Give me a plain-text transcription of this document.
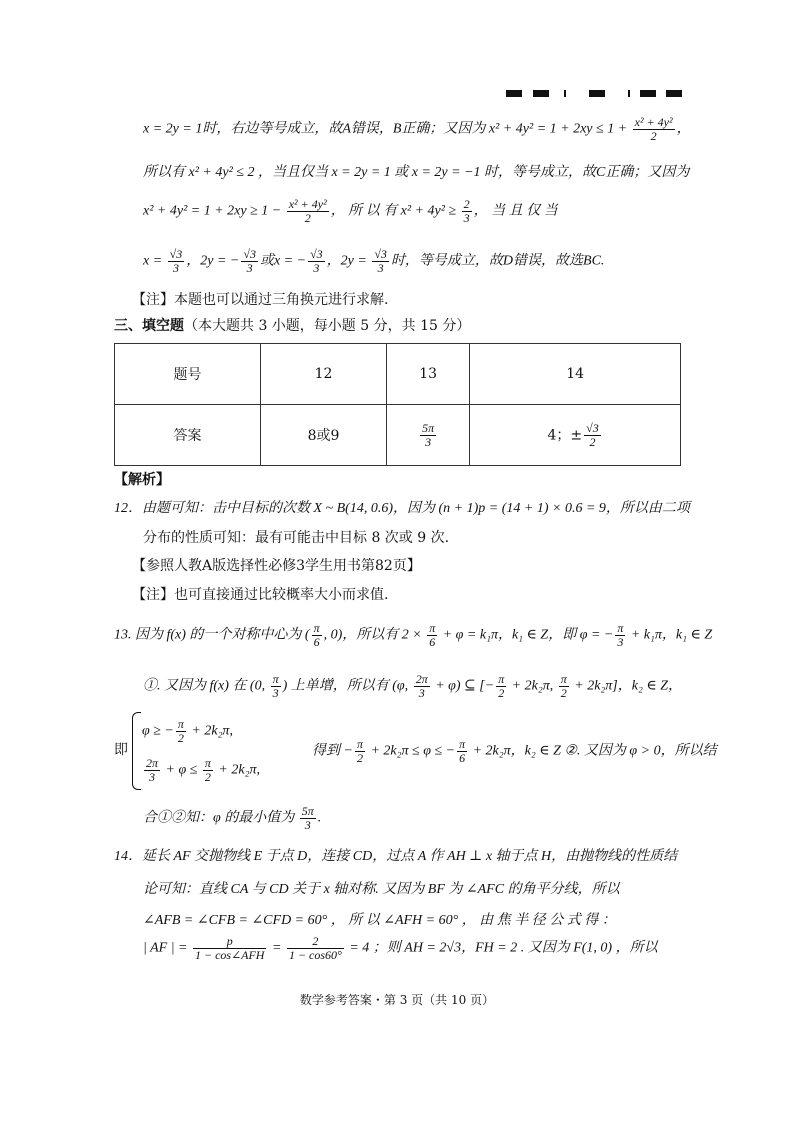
x = 2y = 1时，右边等号成立，故A错误，B正确；又因为 $x^2 + 4y^2 = 1 + 2xy \le 1 + \frac{\text{x² + 4y²}}{2}$ ，
所以有 x² + 4y² ≤ 2 ，当且仅当 x = 2y = 1 或 x = 2y = −1 时，等号成立，故C正确；又因为
$x^2 + 4y^2 = 1 + 2xy \ge 1 - \frac{\text{x² + 4y²}}{2}$ ， 所 以 有 $x^2 + 4y^2 \ge \frac{2}{3}$ ， 当 且 仅 当
$x = \frac{√3}{3}$ ，2y = − $\frac{√3}{3}$ 或x = − $\frac{√3}{3}$ ，$2y = \frac{√3}{3}$ 时，等号成立，故D错误，故选BC.
【注】本题也可以通过三角换元进行求解.
三、填空题（本大题共 3 小题，每小题 5 分，共 15 分）
题号	12	13	14
答案	8或9	$\frac{5\pi}{3}$	4；± $\frac{√3}{2}$
【解析】
12．由题可知：击中目标的次数 X ~ B(14, 0.6)，因为 (n + 1)p = (14 + 1) × 0.6 = 9，所以由二项
分布的性质可知：最有可能击中目标 8 次或 9 次.
【参照人教A版选择性必修3学生用书第82页】
【注】也可直接通过比较概率大小而求值.
13. 因为 f(x) 的一个对称中心为 ( $\frac{\pi}{6}$ , 0)，所以有 $2 \times \frac{\pi}{6} + \varphi = k_1\pi$，k₁ ∈ Z，即 φ = − $\frac{\pi}{3} + k_1\pi$，k₁ ∈ Z
①. 又因为 f(x) 在 (0, $\frac{\pi}{3}$ ) 上单增，所以有 (φ, $\frac{2\pi}{3} + \varphi$) ⊆ [− $\frac{\pi}{2} + 2k_2\pi$, $\frac{\pi}{2} + 2k_2\pi$]，k₂ ∈ Z，
即
φ ≥ − $\frac{\pi}{2} + 2k_2\pi$,
$\frac{2\pi}{3} + \varphi \le \frac{\pi}{2} + 2k_2\pi$,
得到 − $\frac{\pi}{2} + 2k_2\pi \le \varphi$ ≤ − $\frac{\pi}{6} + 2k_2\pi$，k₂ ∈ Z ②. 又因为 φ > 0，所以结
合①②知：φ 的最小值为 $\frac{5\pi}{3}$ .
14．延长 AF 交抛物线 E 于点 D，连接 CD，过点 A 作 AH ⊥ x 轴于点 H，由抛物线的性质结
论可知：直线 CA 与 CD 关于 x 轴对称. 又因为 BF 为 ∠AFC 的角平分线，所以
∠AFB = ∠CFB = ∠CFD = 60° ， 所 以 ∠AFH = 60° ， 由 焦 半 径 公 式 得 ：
| AF | = $\frac{p}{\text{1 − cos∠AFH}} = \frac{2}{1 - \cos 60^\circ} = 4$ ；则 AH = 2√3，FH = 2 . 又因为 F(1, 0) ，所以
数学参考答案・第 3 页（共 10 页）
